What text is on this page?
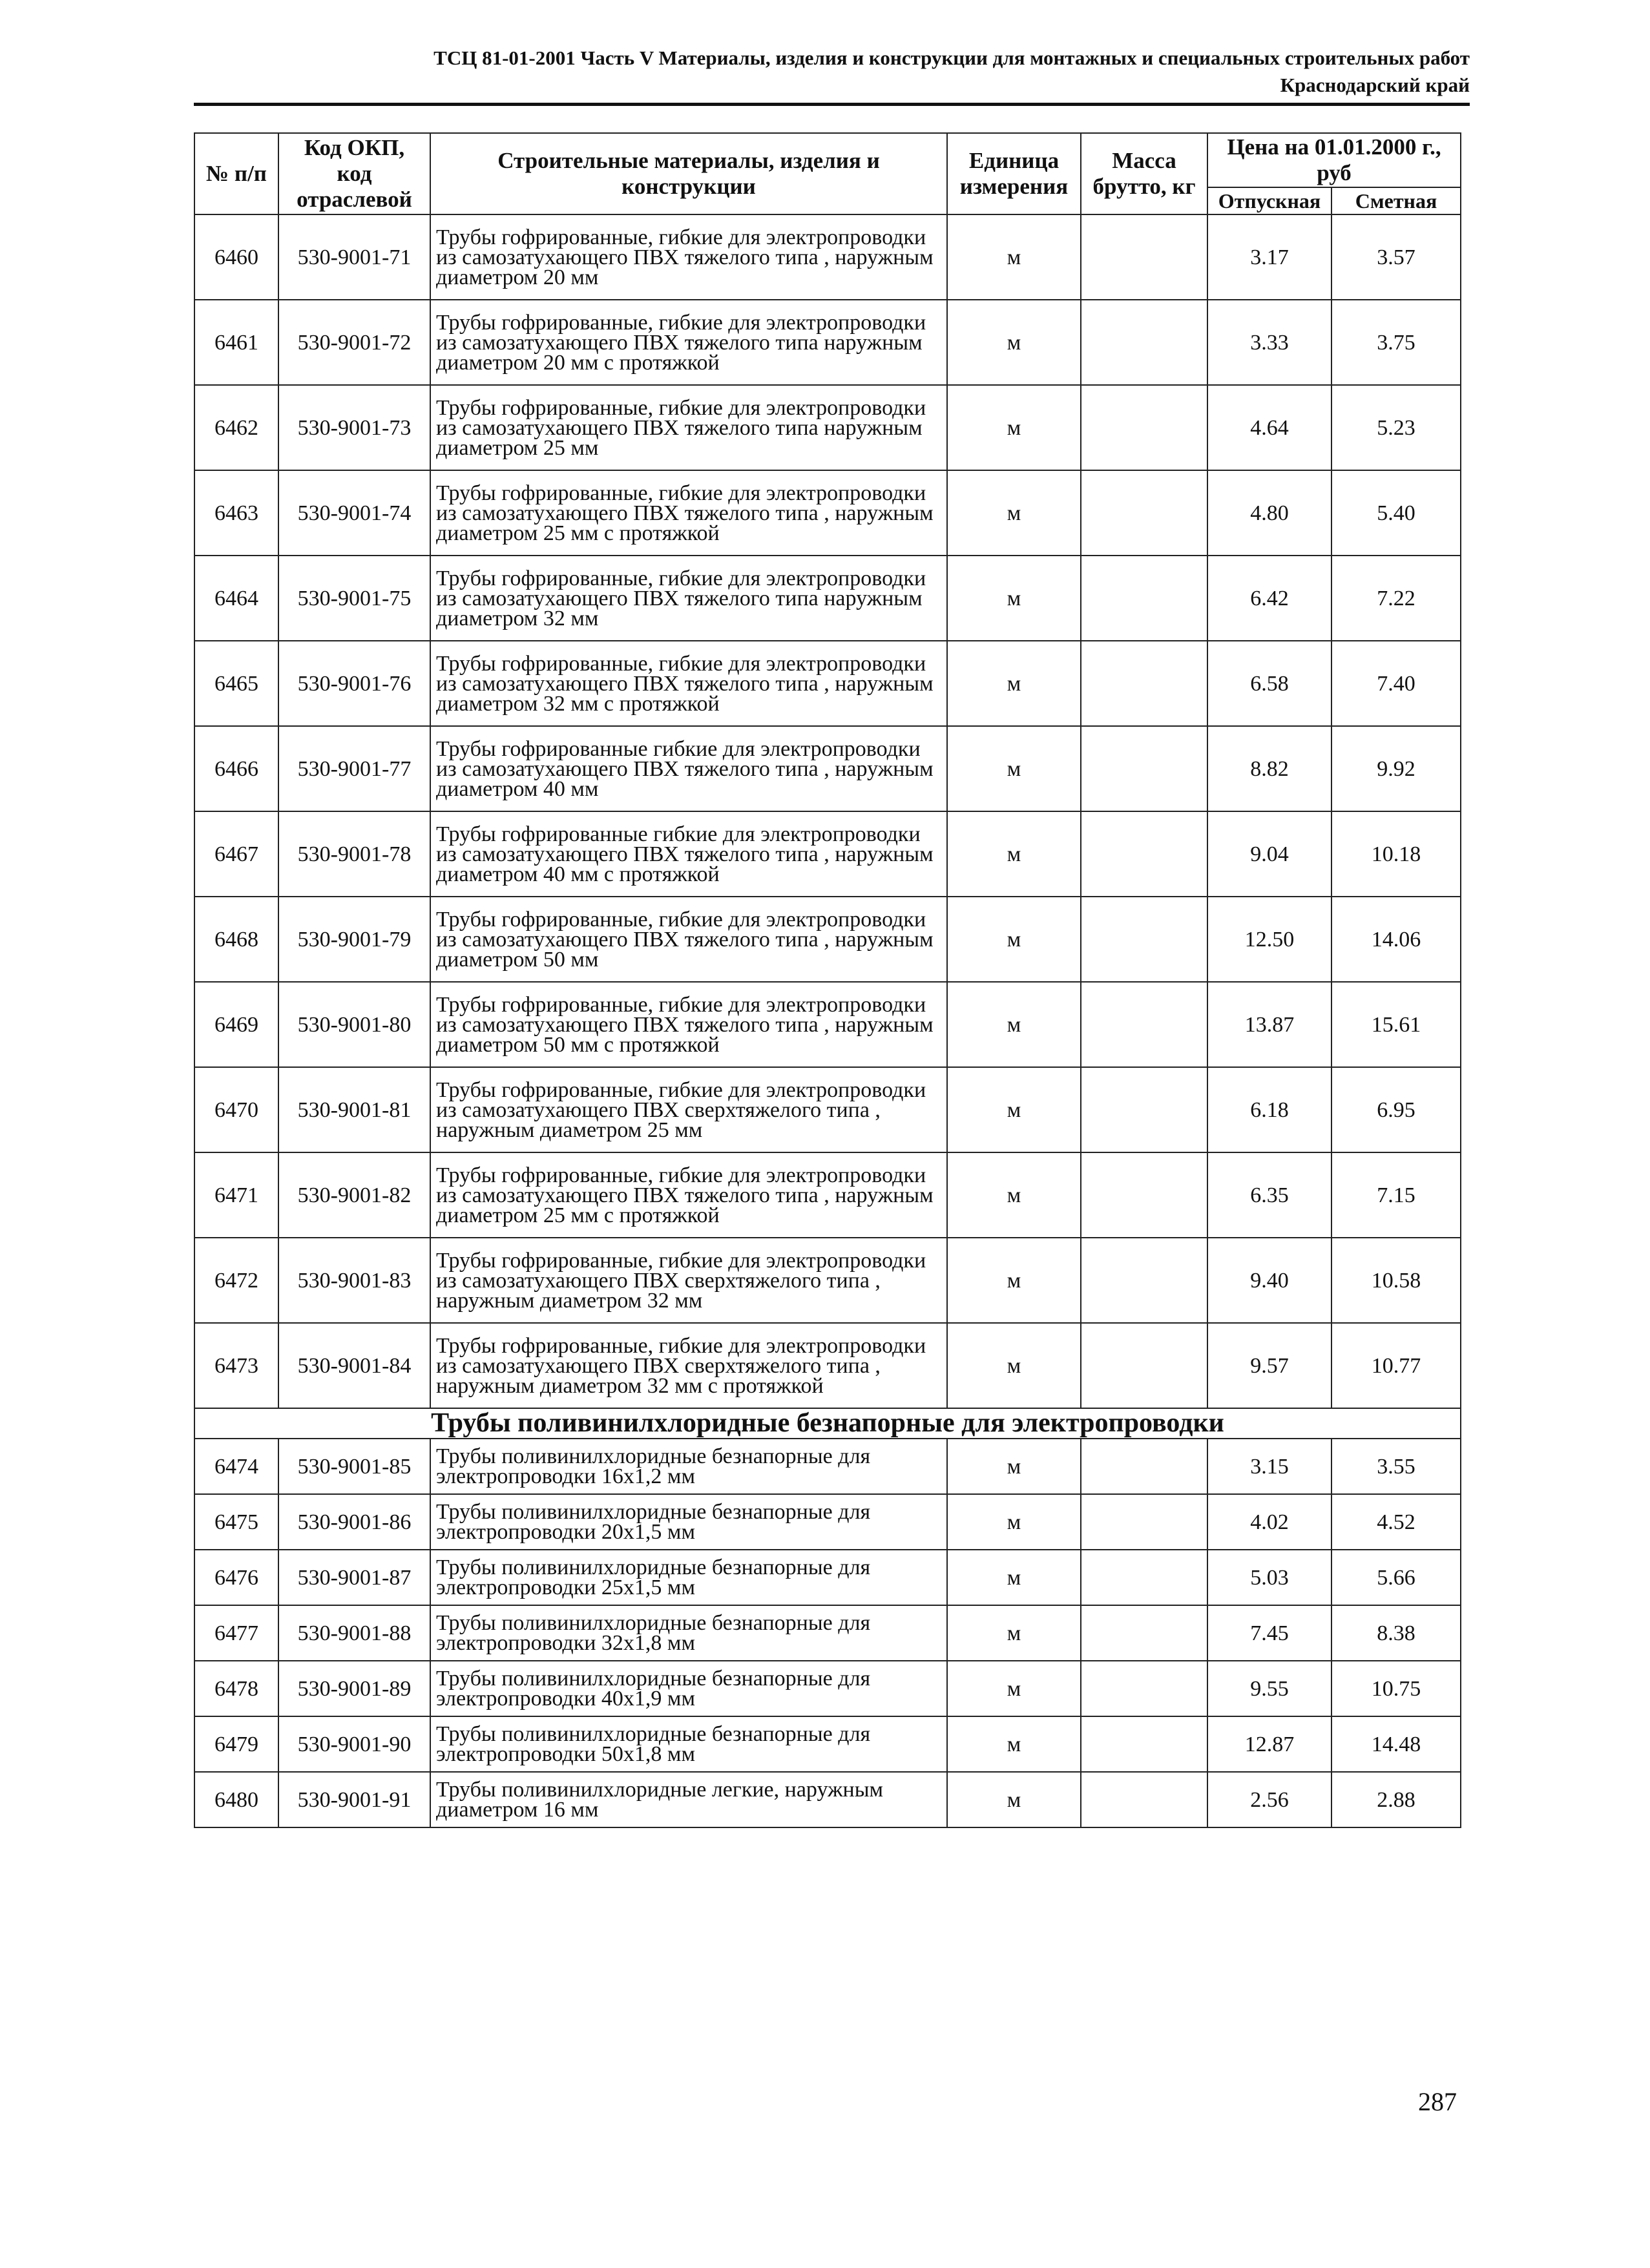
ТСЦ 81-01-2001 Часть V Материалы, изделия и конструкции для монтажных и специальных строительных работ
Краснодарский край
№ п/п	Код ОКП, код отраслевой	Строительные материалы, изделия и конструкции	Единица измерения	Масса брутто, кг	Цена на 01.01.2000 г., руб	
					Отпускная	Сметная
6460	530-9001-71	Трубы гофрированные, гибкие для электропроводки из самозатухающего ПВХ тяжелого типа , наружным диаметром 20 мм	м		3.17	3.57
6461	530-9001-72	Трубы гофрированные, гибкие для электропроводки из самозатухающего ПВХ тяжелого типа наружным диаметром 20 мм с протяжкой	м		3.33	3.75
6462	530-9001-73	Трубы гофрированные, гибкие для электропроводки из самозатухающего ПВХ тяжелого типа наружным диаметром 25 мм	м		4.64	5.23
6463	530-9001-74	Трубы гофрированные, гибкие для электропроводки из самозатухающего ПВХ тяжелого типа , наружным диаметром 25 мм с протяжкой	м		4.80	5.40
6464	530-9001-75	Трубы гофрированные, гибкие для электропроводки из самозатухающего ПВХ тяжелого типа наружным диаметром 32 мм	м		6.42	7.22
6465	530-9001-76	Трубы гофрированные, гибкие для электропроводки из самозатухающего ПВХ тяжелого типа , наружным диаметром 32 мм с протяжкой	м		6.58	7.40
6466	530-9001-77	Трубы гофрированные гибкие для электропроводки из самозатухающего ПВХ тяжелого типа , наружным диаметром 40 мм	м		8.82	9.92
6467	530-9001-78	Трубы гофрированные гибкие для электропроводки из самозатухающего ПВХ тяжелого типа , наружным диаметром 40 мм с протяжкой	м		9.04	10.18
6468	530-9001-79	Трубы гофрированные, гибкие для электропроводки из самозатухающего ПВХ тяжелого типа , наружным диаметром 50 мм	м		12.50	14.06
6469	530-9001-80	Трубы гофрированные, гибкие для электропроводки из самозатухающего ПВХ тяжелого типа , наружным диаметром 50 мм с протяжкой	м		13.87	15.61
6470	530-9001-81	Трубы гофрированные, гибкие для электропроводки из самозатухающего ПВХ сверхтяжелого типа , наружным диаметром 25 мм	м		6.18	6.95
6471	530-9001-82	Трубы гофрированные, гибкие для электропроводки из самозатухающего ПВХ тяжелого типа , наружным диаметром 25 мм с протяжкой	м		6.35	7.15
6472	530-9001-83	Трубы гофрированные, гибкие для электропроводки из самозатухающего ПВХ сверхтяжелого типа , наружным диаметром 32 мм	м		9.40	10.58
6473	530-9001-84	Трубы гофрированные, гибкие для электропроводки из самозатухающего ПВХ сверхтяжелого типа , наружным диаметром 32 мм с протяжкой	м		9.57	10.77
Трубы поливинилхлоридные безнапорные для электропроводки						
6474	530-9001-85	Трубы поливинилхлоридные безнапорные для электропроводки 16х1,2 мм	м		3.15	3.55
6475	530-9001-86	Трубы поливинилхлоридные безнапорные для электропроводки 20х1,5 мм	м		4.02	4.52
6476	530-9001-87	Трубы поливинилхлоридные безнапорные для электропроводки 25х1,5 мм	м		5.03	5.66
6477	530-9001-88	Трубы поливинилхлоридные безнапорные для электропроводки 32х1,8 мм	м		7.45	8.38
6478	530-9001-89	Трубы поливинилхлоридные безнапорные для электропроводки 40х1,9 мм	м		9.55	10.75
6479	530-9001-90	Трубы поливинилхлоридные безнапорные для электропроводки 50х1,8 мм	м		12.87	14.48
6480	530-9001-91	Трубы поливинилхлоридные легкие, наружным диаметром 16 мм	м		2.56	2.88
287
